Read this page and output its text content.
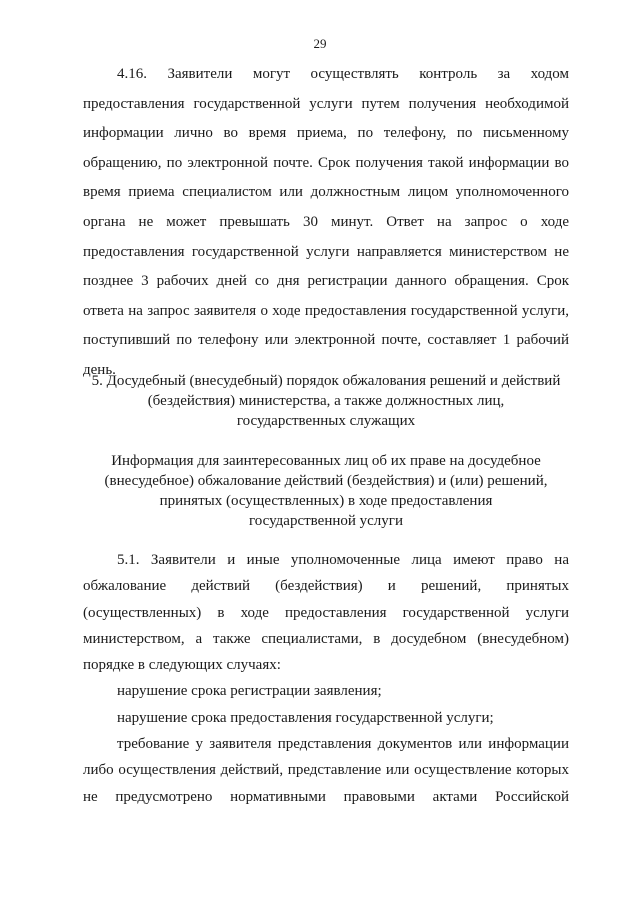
29
4.16. Заявители могут осуществлять контроль за ходом
предоставления государственной услуги путем получения необходимой
информации лично во время приема, по телефону, по письменному
обращению, по электронной почте. Срок получения такой информации во
время приема специалистом или должностным лицом уполномоченного
органа не может превышать 30 минут. Ответ на запрос о ходе
предоставления государственной услуги направляется министерством не
позднее 3 рабочих дней со дня регистрации данного обращения. Срок
ответа на запрос заявителя о ходе предоставления государственной услуги,
поступивший по телефону или электронной почте, составляет 1 рабочий
день.
5. Досудебный (внесудебный) порядок обжалования решений и действий
(бездействия) министерства, а также должностных лиц,
государственных служащих
Информация для заинтересованных лиц об их праве на досудебное
(внесудебное) обжалование действий (бездействия) и (или) решений,
принятых (осуществленных) в ходе предоставления
государственной услуги
5.1. Заявители и иные уполномоченные лица имеют право на
обжалование действий (бездействия) и решений, принятых
(осуществленных) в ходе предоставления государственной услуги
министерством, а также специалистами, в досудебном (внесудебном)
порядке в следующих случаях:
нарушение срока регистрации заявления;
нарушение срока предоставления государственной услуги;
требование у заявителя представления документов или информации
либо осуществления действий, представление или осуществление которых
не предусмотрено нормативными правовыми актами Российской
